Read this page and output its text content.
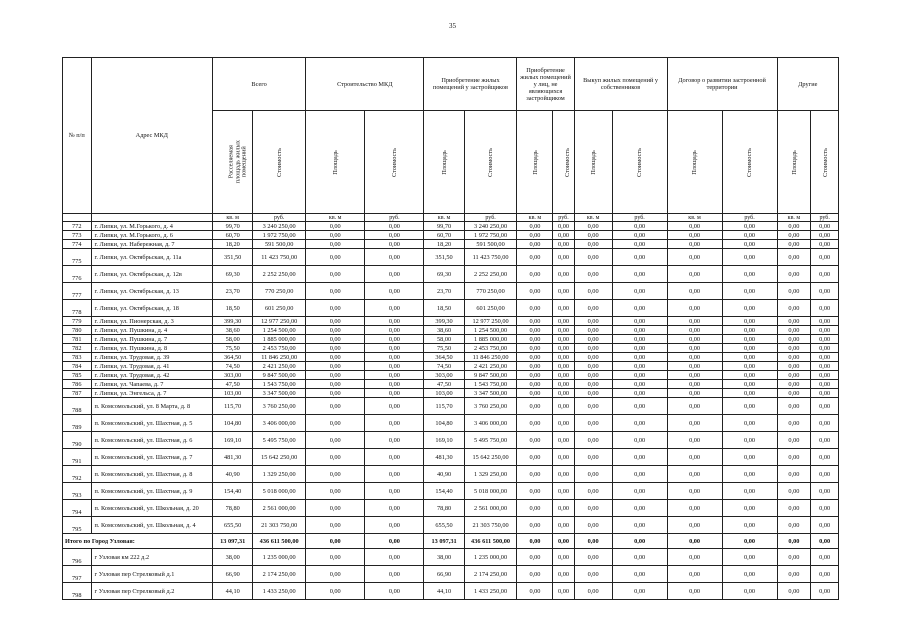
35
№ п/п	Адрес МКД	Всего		Строительство МКД		Приобретение жилых помещений у застройщиков		Приобретение жилых помещений у лиц, не являющихся застройщиком		Выкуп жилых помещений у собственников		Договор о развитии застроенной территории		Другие	
		Расселяемая площадь жилых помещений	Стоимость	Площадь	Стоимость	Площадь	Стоимость	Площадь	Стоимость	Площадь	Стоимость	Площадь	Стоимость	Площадь	Стоимость
		кв. м	руб.	кв. м	руб.	кв. м	руб.	кв. м	руб.	кв. м	руб.	кв. м	руб.	кв. м	руб.
772	г. Липки, ул. М.Горького, д. 4	99,70	3 240 250,00	0,00	0,00	99,70	3 240 250,00	0,00	0,00	0,00	0,00	0,00	0,00	0,00	0,00
773	г. Липки, ул. М.Горького, д. 6	60,70	1 972 750,00	0,00	0,00	60,70	1 972 750,00	0,00	0,00	0,00	0,00	0,00	0,00	0,00	0,00
774	г. Липки, ул. Набережная, д. 7	18,20	591 500,00	0,00	0,00	18,20	591 500,00	0,00	0,00	0,00	0,00	0,00	0,00	0,00	0,00
775	г. Липки, ул. Октябрьская, д. 11а	351,50	11 423 750,00	0,00	0,00	351,50	11 423 750,00	0,00	0,00	0,00	0,00	0,00	0,00	0,00	0,00
776	г. Липки, ул. Октябрьская, д. 12в	69,30	2 252 250,00	0,00	0,00	69,30	2 252 250,00	0,00	0,00	0,00	0,00	0,00	0,00	0,00	0,00
777	г. Липки, ул. Октябрьская, д. 13	23,70	770 250,00	0,00	0,00	23,70	770 250,00	0,00	0,00	0,00	0,00	0,00	0,00	0,00	0,00
778	г. Липки, ул. Октябрьская, д. 18	18,50	601 250,00	0,00	0,00	18,50	601 250,00	0,00	0,00	0,00	0,00	0,00	0,00	0,00	0,00
779	г. Липки, ул. Пионерская, д. 3	399,30	12 977 250,00	0,00	0,00	399,30	12 977 250,00	0,00	0,00	0,00	0,00	0,00	0,00	0,00	0,00
780	г. Липки, ул. Пушкина, д. 4	38,60	1 254 500,00	0,00	0,00	38,60	1 254 500,00	0,00	0,00	0,00	0,00	0,00	0,00	0,00	0,00
781	г. Липки, ул. Пушкина, д. 7	58,00	1 885 000,00	0,00	0,00	58,00	1 885 000,00	0,00	0,00	0,00	0,00	0,00	0,00	0,00	0,00
782	г. Липки, ул. Пушкина, д. 8	75,50	2 453 750,00	0,00	0,00	75,50	2 453 750,00	0,00	0,00	0,00	0,00	0,00	0,00	0,00	0,00
783	г. Липки, ул. Трудовая, д. 39	364,50	11 846 250,00	0,00	0,00	364,50	11 846 250,00	0,00	0,00	0,00	0,00	0,00	0,00	0,00	0,00
784	г. Липки, ул. Трудовая, д. 41	74,50	2 421 250,00	0,00	0,00	74,50	2 421 250,00	0,00	0,00	0,00	0,00	0,00	0,00	0,00	0,00
785	г. Липки, ул. Трудовая, д. 42	303,00	9 847 500,00	0,00	0,00	303,00	9 847 500,00	0,00	0,00	0,00	0,00	0,00	0,00	0,00	0,00
786	г. Липки, ул. Чапаева, д. 7	47,50	1 543 750,00	0,00	0,00	47,50	1 543 750,00	0,00	0,00	0,00	0,00	0,00	0,00	0,00	0,00
787	г. Липки, ул. Энгельса, д. 7	103,00	3 347 500,00	0,00	0,00	103,00	3 347 500,00	0,00	0,00	0,00	0,00	0,00	0,00	0,00	0,00
788	п. Комсомольский, ул. 8 Марта, д. 8	115,70	3 760 250,00	0,00	0,00	115,70	3 760 250,00	0,00	0,00	0,00	0,00	0,00	0,00	0,00	0,00
789	п. Комсомольский, ул. Шахтная, д. 5	104,80	3 406 000,00	0,00	0,00	104,80	3 406 000,00	0,00	0,00	0,00	0,00	0,00	0,00	0,00	0,00
790	п. Комсомольский, ул. Шахтная, д. 6	169,10	5 495 750,00	0,00	0,00	169,10	5 495 750,00	0,00	0,00	0,00	0,00	0,00	0,00	0,00	0,00
791	п. Комсомольский, ул. Шахтная, д. 7	481,30	15 642 250,00	0,00	0,00	481,30	15 642 250,00	0,00	0,00	0,00	0,00	0,00	0,00	0,00	0,00
792	п. Комсомольский, ул. Шахтная, д. 8	40,90	1 329 250,00	0,00	0,00	40,90	1 329 250,00	0,00	0,00	0,00	0,00	0,00	0,00	0,00	0,00
793	п. Комсомольский, ул. Шахтная, д. 9	154,40	5 018 000,00	0,00	0,00	154,40	5 018 000,00	0,00	0,00	0,00	0,00	0,00	0,00	0,00	0,00
794	п. Комсомольский, ул. Школьная, д. 20	78,80	2 561 000,00	0,00	0,00	78,80	2 561 000,00	0,00	0,00	0,00	0,00	0,00	0,00	0,00	0,00
795	п. Комсомольский, ул. Школьная, д. 4	655,50	21 303 750,00	0,00	0,00	655,50	21 303 750,00	0,00	0,00	0,00	0,00	0,00	0,00	0,00	0,00
Итого по Город Узловая:		13 097,31	436 611 500,00	0,00	0,00	13 097,31	436 611 500,00	0,00	0,00	0,00	0,00	0,00	0,00	0,00	0,00
796	г Узловая км 222 д.2	38,00	1 235 000,00	0,00	0,00	38,00	1 235 000,00	0,00	0,00	0,00	0,00	0,00	0,00	0,00	0,00
797	г Узловая пер Стрелковый д.1	66,90	2 174 250,00	0,00	0,00	66,90	2 174 250,00	0,00	0,00	0,00	0,00	0,00	0,00	0,00	0,00
798	г Узловая пер Стрелковый д.2	44,10	1 433 250,00	0,00	0,00	44,10	1 433 250,00	0,00	0,00	0,00	0,00	0,00	0,00	0,00	0,00
